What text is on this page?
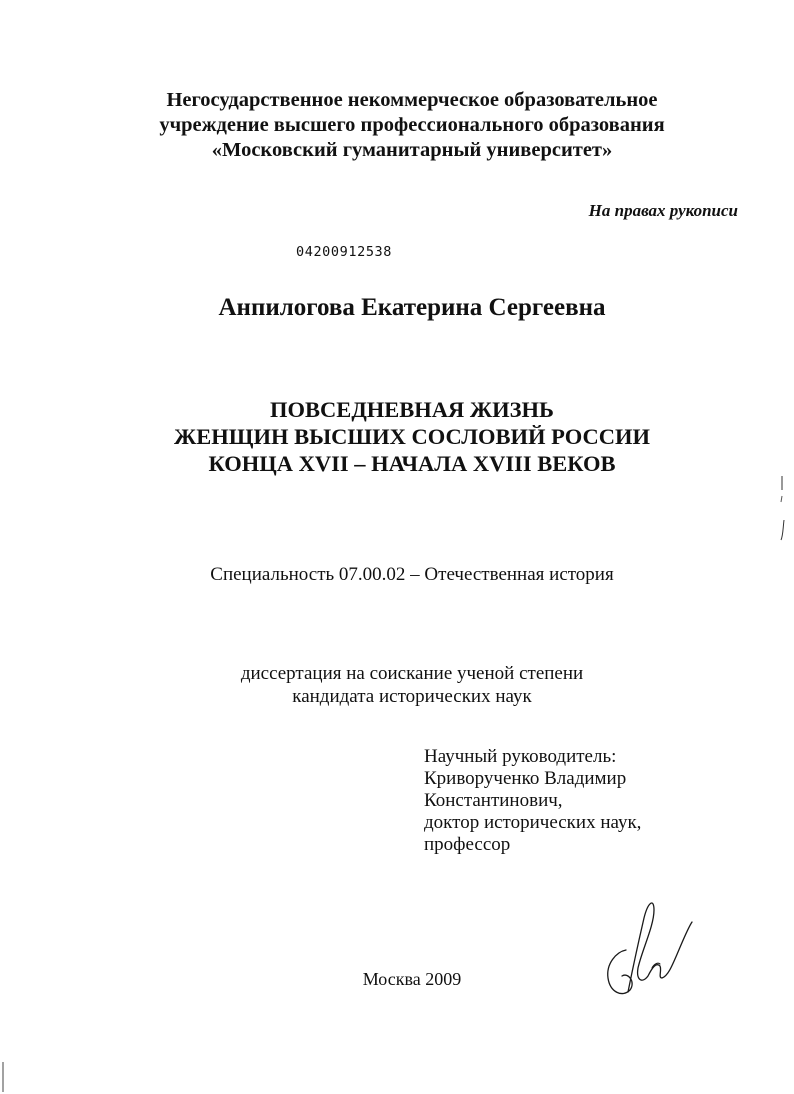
Негосударственное некоммерческое образовательное
учреждение высшего профессионального образования
«Московский гуманитарный университет»
На правах рукописи
04200912538
Анпилогова Екатерина Сергеевна
ПОВСЕДНЕВНАЯ ЖИЗНЬ
ЖЕНЩИН ВЫСШИХ СОСЛОВИЙ РОССИИ
КОНЦА XVII – НАЧАЛА XVIII ВЕКОВ
Специальность 07.00.02 – Отечественная история
диссертация на соискание ученой степени
кандидата исторических наук
Научный руководитель:
Криворученко Владимир
Константинович,
доктор исторических наук,
профессор
Москва 2009
